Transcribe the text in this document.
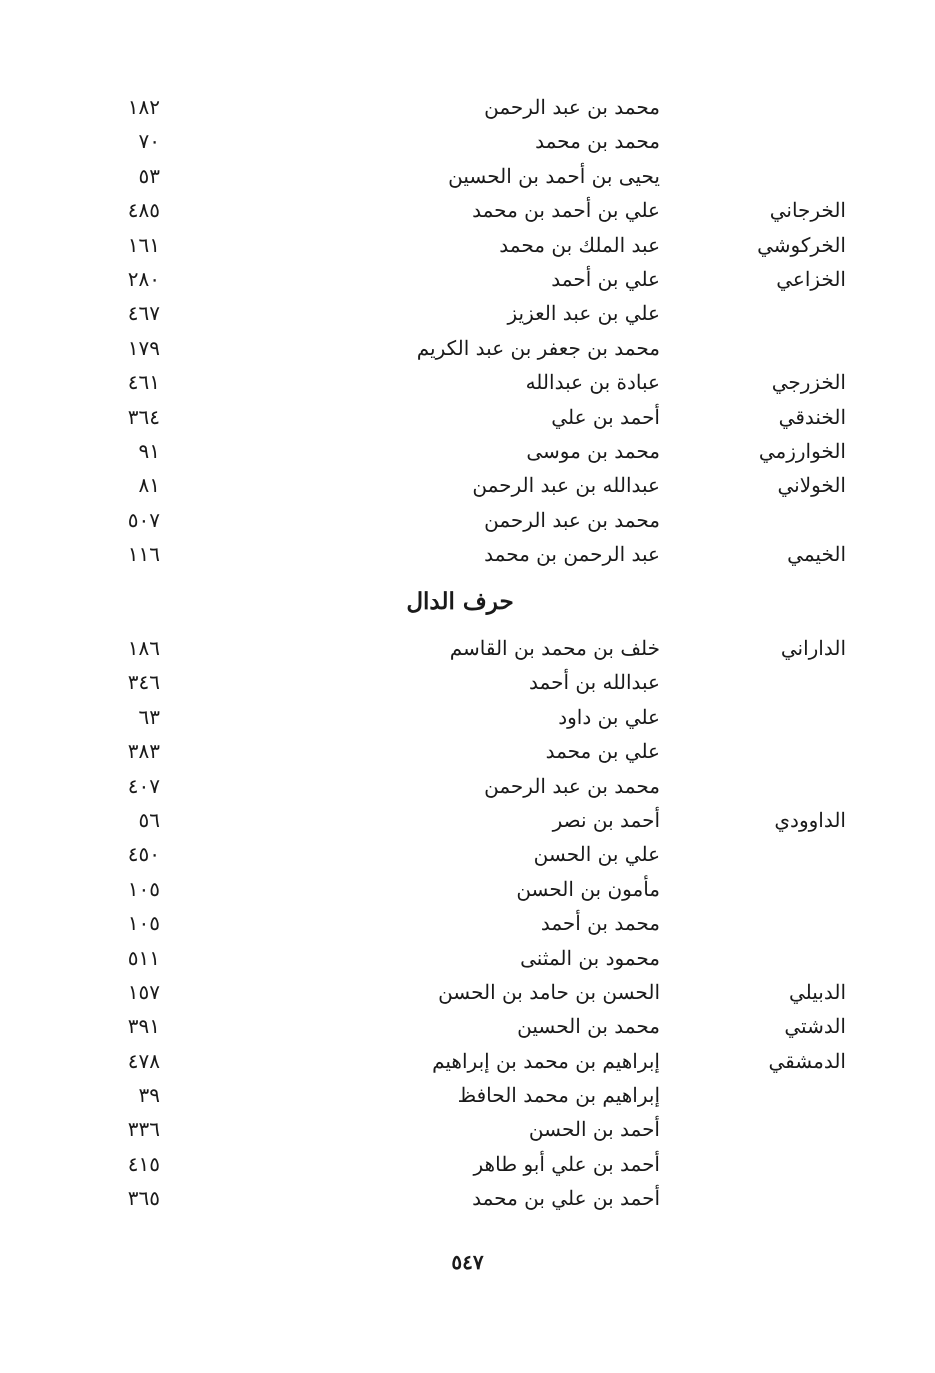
محمد بن عبد الرحمن
١٨٢
محمد بن محمد
٧٠
يحيى بن أحمد بن الحسين
٥٣
الخرجاني
علي بن أحمد بن محمد
٤٨٥
الخركوشي
عبد الملك بن محمد
١٦١
الخزاعي
علي بن أحمد
٢٨٠
علي بن عبد العزيز
٤٦٧
محمد بن جعفر بن عبد الكريم
١٧٩
الخزرجي
عبادة بن عبدالله
٤٦١
الخندقي
أحمد بن علي
٣٦٤
الخوارزمي
محمد بن موسى
٩١
الخولاني
عبدالله بن عبد الرحمن
٨١
محمد بن عبد الرحمن
٥٠٧
الخيمي
عبد الرحمن بن محمد
١١٦
حرف الدال
الداراني
خلف بن محمد بن القاسم
١٨٦
عبدالله بن أحمد
٣٤٦
علي بن داود
٦٣
علي بن محمد
٣٨٣
محمد بن عبد الرحمن
٤٠٧
الداوودي
أحمد بن نصر
٥٦
علي بن الحسن
٤٥٠
مأمون بن الحسن
١٠٥
محمد بن أحمد
١٠٥
محمود بن المثنى
٥١١
الدبيلي
الحسن بن حامد بن الحسن
١٥٧
الدشتي
محمد بن الحسين
٣٩١
الدمشقي
إبراهيم بن محمد بن إبراهيم
٤٧٨
إبراهيم بن محمد الحافظ
٣٩
أحمد بن الحسن
٣٣٦
أحمد بن علي أبو طاهر
٤١٥
أحمد بن علي بن محمد
٣٦٥
٥٤٧
